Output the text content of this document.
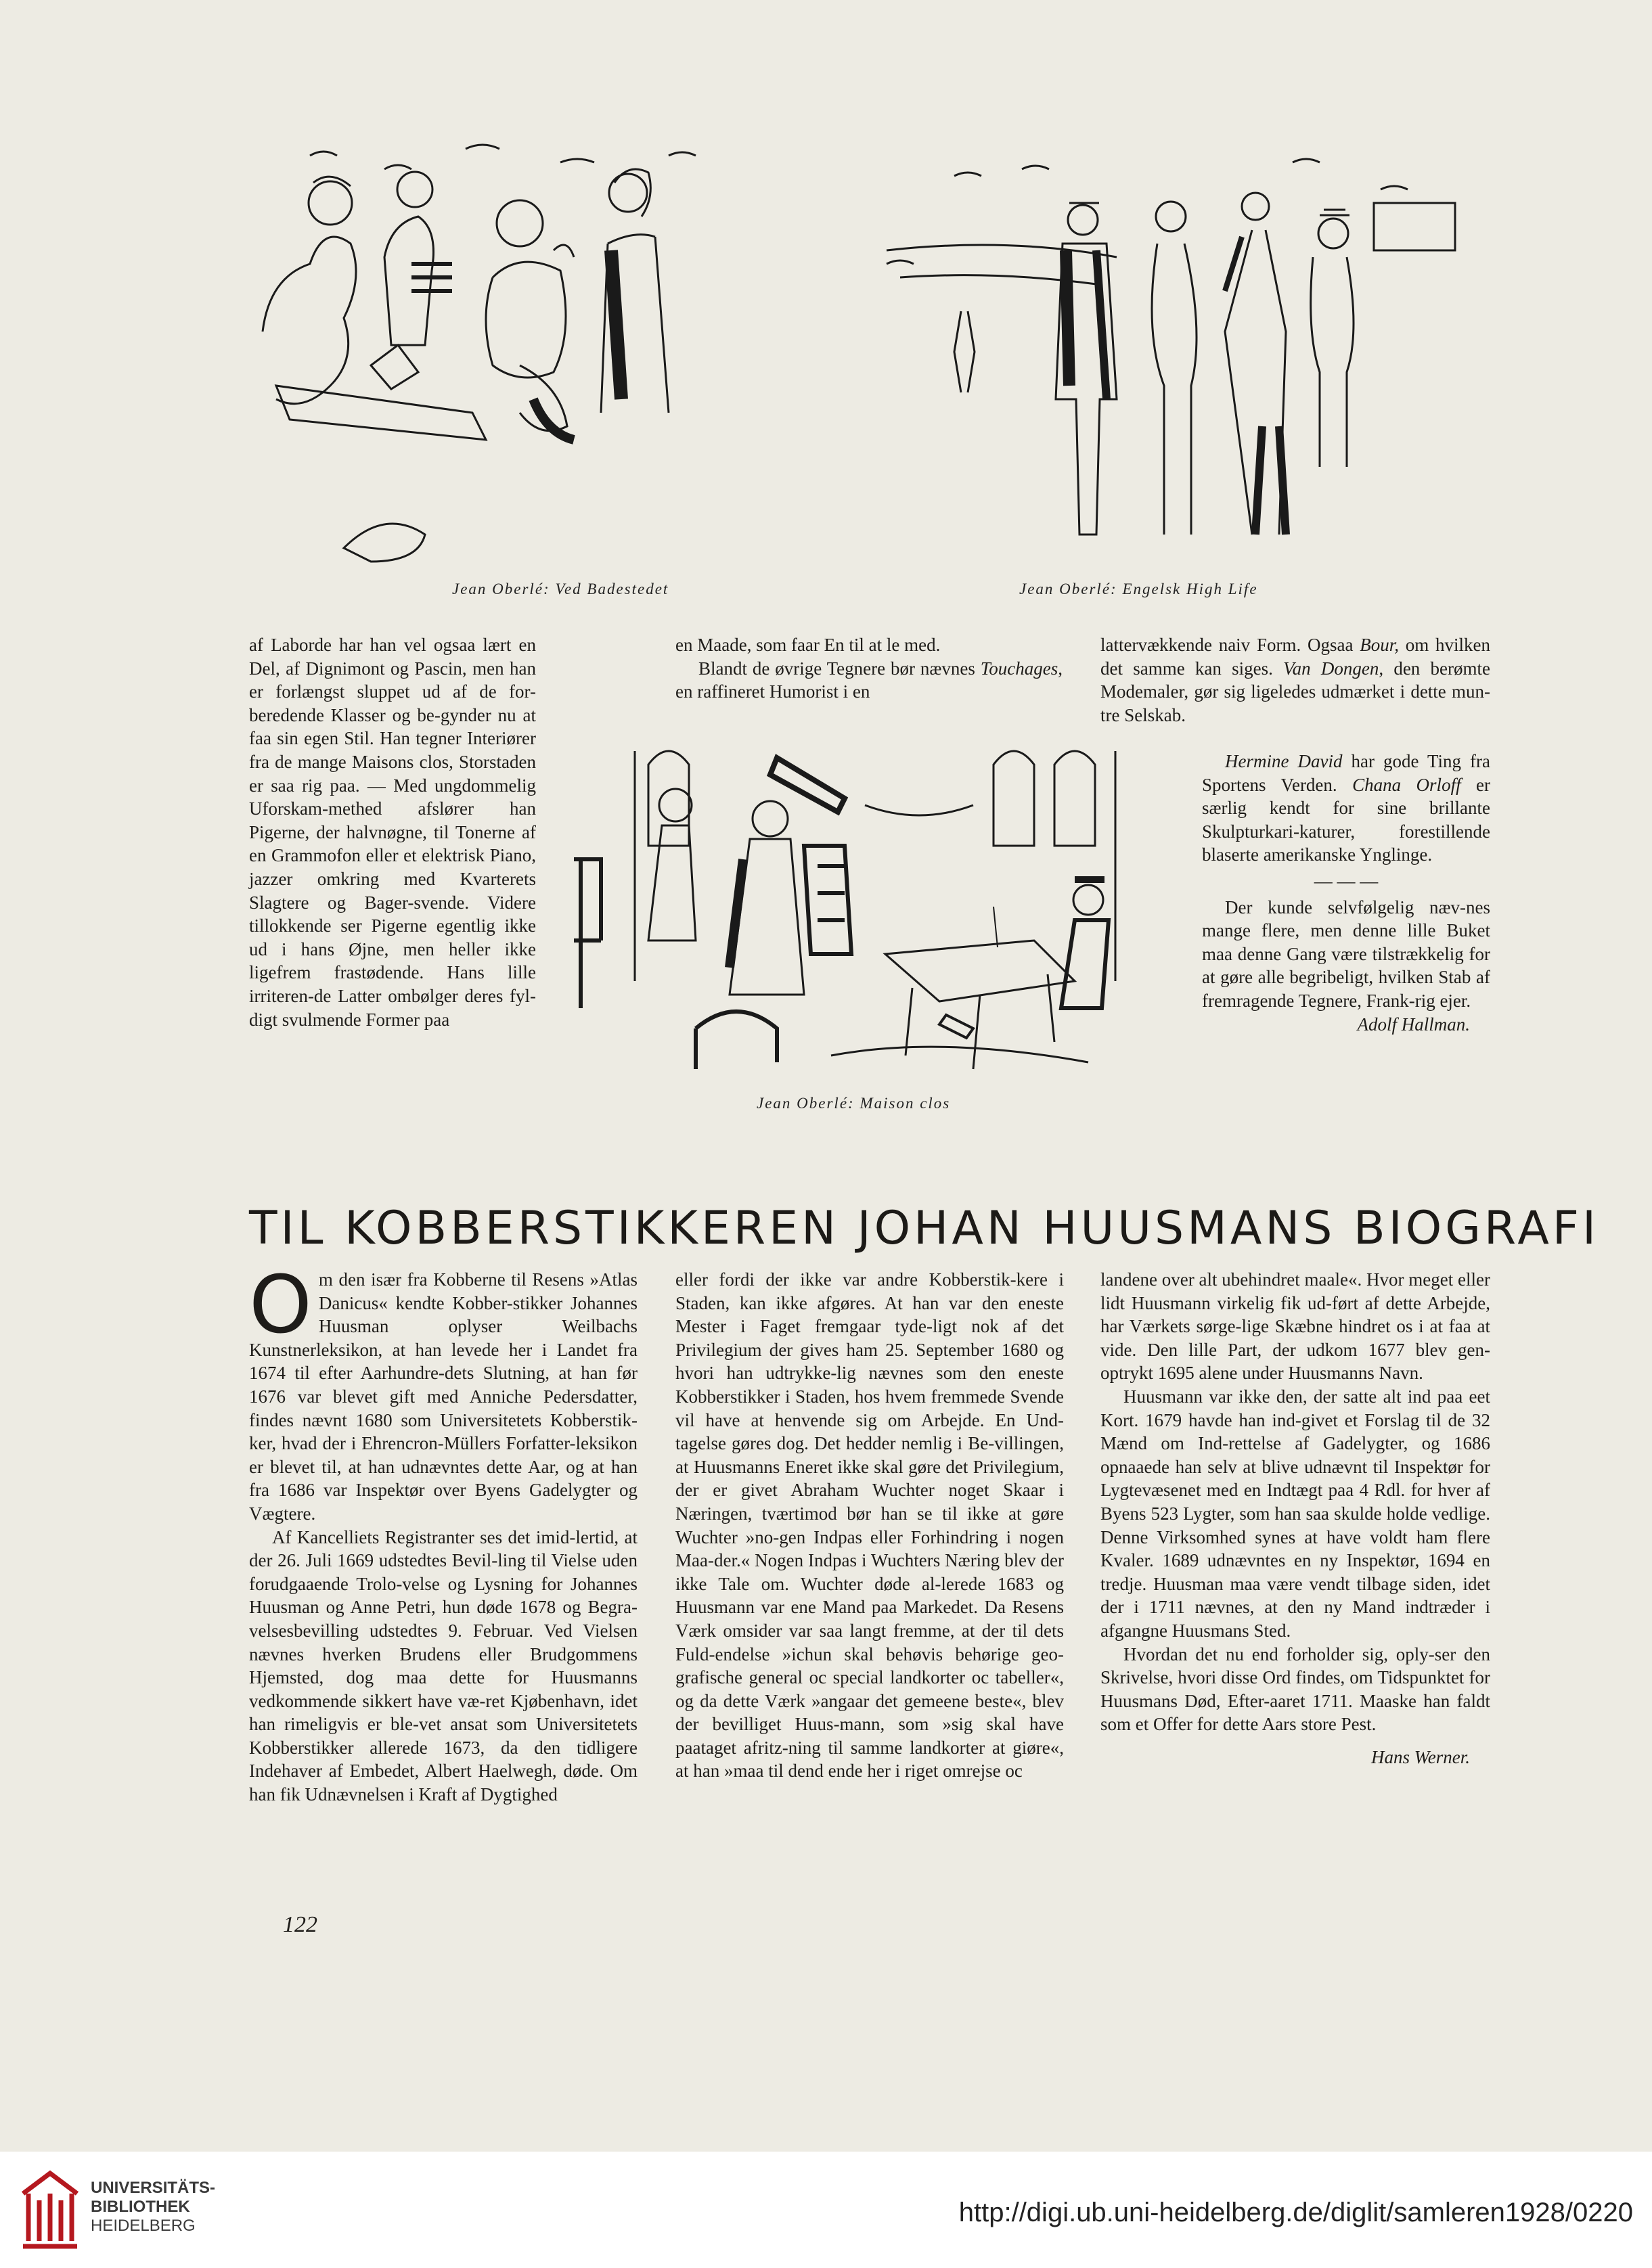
Jean Oberlé: Ved Badestedet	Jean Oberlé: Engelsk High Life
Jean Oberlé: Maison clos

af Laborde har han vel ogsaa lært en Del, af Dignimont og Pascin, men han er forlængst sluppet ud af de for-beredende Klasser og be-gynder nu at faa sin egen Stil. Han tegner Interiører fra de mange Maisons clos, Storstaden er saa rig paa. — Med ungdommelig Uforskam-methed afslører han Pigerne, der halvnøgne, til Tonerne af en Grammofon eller et elektrisk Piano, jazzer omkring med Kvarterets Slagtere og Bager-svende. Videre tillokkende ser Pigerne egentlig ikke ud i hans Øjne, men heller ikke ligefrem frastødende. Hans lille irriteren-de Latter ombølger deres fyl-digt svulmende Former paa

en Maade, som faar En til at le med.

Blandt de øvrige Tegnere bør nævnes Touchages, en raffineret Humorist i en

lattervækkende naiv Form. Ogsaa Bour, om hvilken det samme kan siges. Van Dongen, den berømte Modemaler, gør sig ligeledes udmærket i dette mun-tre Selskab.

Hermine David har gode Ting fra Sportens Verden. Chana Orloff er særlig kendt for sine brillante Skulpturkari-katurer, forestillende blaserte amerikanske Ynglinge.

— — —

Der kunde selvfølgelig næv-nes mange flere, men denne lille Buket maa denne Gang være tilstrækkelig for at gøre alle begribeligt, hvilken Stab af fremragende Tegnere, Frank-rig ejer.

Adolf Hallman.

TIL KOBBERSTIKKEREN JOHAN HUUSMANS BIOGRAFI

O m den især fra Kobberne til Resens »Atlas Danicus« kendte Kobber-stikker Johannes Huusman oplyser Weilbachs Kunstnerleksikon, at han levede her i Landet fra 1674 til efter Aarhundre-dets Slutning, at han før 1676 var blevet gift med Anniche Pedersdatter, findes nævnt 1680 som Universitetets Kobberstik-ker, hvad der i Ehrencron-Müllers Forfatter-leksikon er blevet til, at han udnævntes dette Aar, og at han fra 1686 var Inspektør over Byens Gadelygter og Vægtere.

Af Kancelliets Registranter ses det imid-lertid, at der 26. Juli 1669 udstedtes Bevil-ling til Vielse uden forudgaaende Trolo-velse og Lysning for Johannes Huusman og Anne Petri, hun døde 1678 og Begra-velsesbevilling udstedtes 9. Februar. Ved Vielsen nævnes hverken Brudens eller Brudgommens Hjemsted, dog maa dette for Huusmanns vedkommende sikkert have væ-ret Kjøbenhavn, idet han rimeligvis er ble-vet ansat som Universitetets Kobberstikker allerede 1673, da den tidligere Indehaver af Embedet, Albert Haelwegh, døde. Om han fik Udnævnelsen i Kraft af Dygtighed

eller fordi der ikke var andre Kobberstik-kere i Staden, kan ikke afgøres. At han var den eneste Mester i Faget fremgaar tyde-ligt nok af det Privilegium der gives ham 25. September 1680 og hvori han udtrykke-lig nævnes som den eneste Kobberstikker i Staden, hos hvem fremmede Svende vil have at henvende sig om Arbejde. En Und-tagelse gøres dog. Det hedder nemlig i Be-villingen, at Huusmanns Eneret ikke skal gøre det Privilegium, der er givet Abraham Wuchter noget Skaar i Næringen, tværtimod bør han se til ikke at gøre Wuchter »no-gen Indpas eller Forhindring i nogen Maa-der.« Nogen Indpas i Wuchters Næring blev der ikke Tale om. Wuchter døde al-lerede 1683 og Huusmann var ene Mand paa Markedet. Da Resens Værk omsider var saa langt fremme, at der til dets Fuld-endelse »ichun skal behøvis behørige geo-grafische general oc special landkorter oc tabeller«, og da dette Værk »angaar det gemeene beste«, blev der bevilliget Huus-mann, som »sig skal have paataget afritz-ning til samme landkorter at giøre«, at han »maa til dend ende her i riget omrejse oc

landene over alt ubehindret maale«. Hvor meget eller lidt Huusmann virkelig fik ud-ført af dette Arbejde, har Værkets sørge-lige Skæbne hindret os i at faa at vide. Den lille Part, der udkom 1677 blev gen-optrykt 1695 alene under Huusmanns Navn.

Huusmann var ikke den, der satte alt ind paa eet Kort. 1679 havde han ind-givet et Forslag til de 32 Mænd om Ind-rettelse af Gadelygter, og 1686 opnaaede han selv at blive udnævnt til Inspektør for Lygtevæsenet med en Indtægt paa 4 Rdl. for hver af Byens 523 Lygter, som han saa skulde holde vedlige. Denne Virksomhed synes at have voldt ham flere Kvaler. 1689 udnævntes en ny Inspektør, 1694 en tredje. Huusman maa være vendt tilbage siden, idet der i 1711 nævnes, at den ny Mand indtræder i afgangne Huusmans Sted.

Hvordan det nu end forholder sig, oply-ser den Skrivelse, hvori disse Ord findes, om Tidspunktet for Huusmans Død, Efter-aaret 1711. Maaske han faldt som et Offer for dette Aars store Pest.

Hans Werner.

122
UNIVERSITÄTS-
BIBLIOTHEK
HEIDELBERG	http://digi.ub.uni-heidelberg.de/diglit/samleren1928/0220
